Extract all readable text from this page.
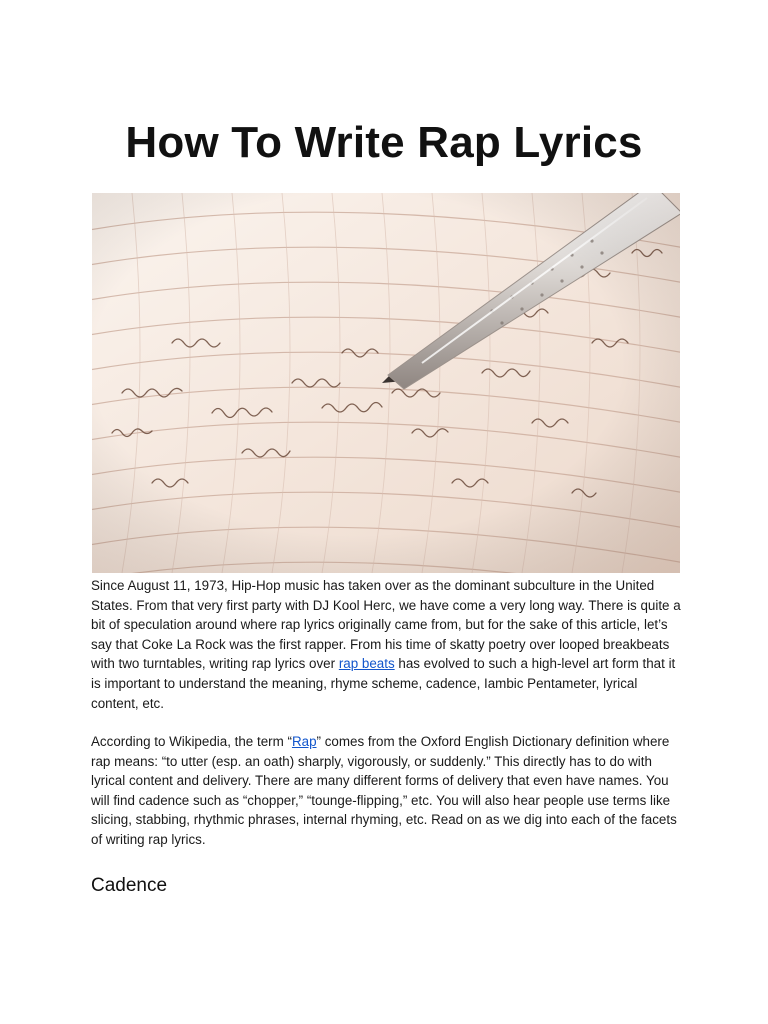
How To Write Rap Lyrics

Since August 11, 1973, Hip-Hop music has taken over as the dominant subculture in the United States. From that very first party with DJ Kool Herc, we have come a very long way. There is quite a bit of speculation around where rap lyrics originally came from, but for the sake of this article, let’s say that Coke La Rock was the first rapper. From his time of skatty poetry over looped breakbeats with two turntables, writing rap lyrics over rap beats has evolved to such a high-level art form that it is important to understand the meaning, rhyme scheme, cadence, Iambic Pentameter, lyrical content, etc.

According to Wikipedia, the term “Rap” comes from the Oxford English Dictionary definition where rap means: “to utter (esp. an oath) sharply, vigorously, or suddenly.” This directly has to do with lyrical content and delivery. There are many different forms of delivery that even have names. You will find cadence such as “chopper,” “tounge-flipping,” etc. You will also hear people use terms like slicing, stabbing, rhythmic phrases, internal rhyming, etc. Read on as we dig into each of the facets of writing rap lyrics.

Cadence
